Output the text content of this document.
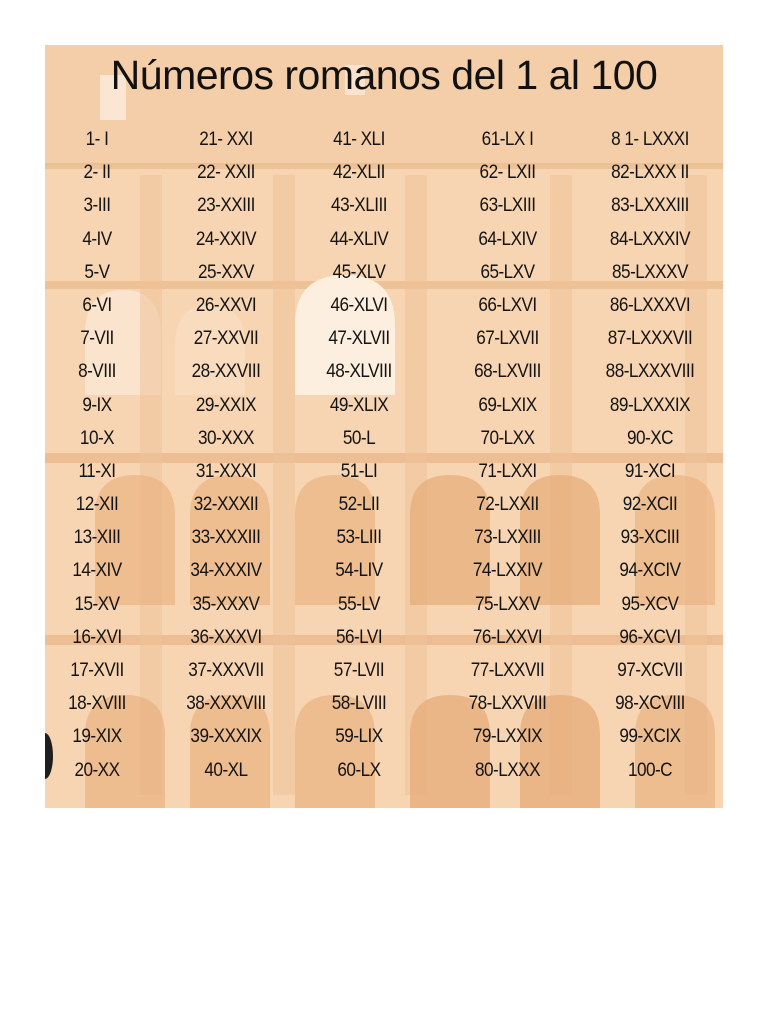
Números romanos del 1 al 100
1- I
2- II
3-III
4-IV
5-V
6-VI
7-VII
8-VIII
9-IX
10-X
11-XI
12-XII
13-XIII
14-XIV
15-XV
16-XVI
17-XVII
18-XVIII
19-XIX
20-XX
21- XXI
22- XXII
23-XXIII
24-XXIV
25-XXV
26-XXVI
27-XXVII
28-XXVIII
29-XXIX
30-XXX
31-XXXI
32-XXXII
33-XXXIII
34-XXXIV
35-XXXV
36-XXXVI
37-XXXVII
38-XXXVIII
39-XXXIX
40-XL
41- XLI
42-XLII
43-XLIII
44-XLIV
45-XLV
46-XLVI
47-XLVII
48-XLVIII
49-XLIX
50-L
51-LI
52-LII
53-LIII
54-LIV
55-LV
56-LVI
57-LVII
58-LVIII
59-LIX
60-LX
61-LX I
62- LXII
63-LXIII
64-LXIV
65-LXV
66-LXVI
67-LXVII
68-LXVIII
69-LXIX
70-LXX
71-LXXI
72-LXXII
73-LXXIII
74-LXXIV
75-LXXV
76-LXXVI
77-LXXVII
78-LXXVIII
79-LXXIX
80-LXXX
8 1- LXXXI
82-LXXX II
83-LXXXIII
84-LXXXIV
85-LXXXV
86-LXXXVI
87-LXXXVII
88-LXXXVIII
89-LXXXIX
90-XC
91-XCI
92-XCII
93-XCIII
94-XCIV
95-XCV
96-XCVI
97-XCVII
98-XCVIII
99-XCIX
100-C
